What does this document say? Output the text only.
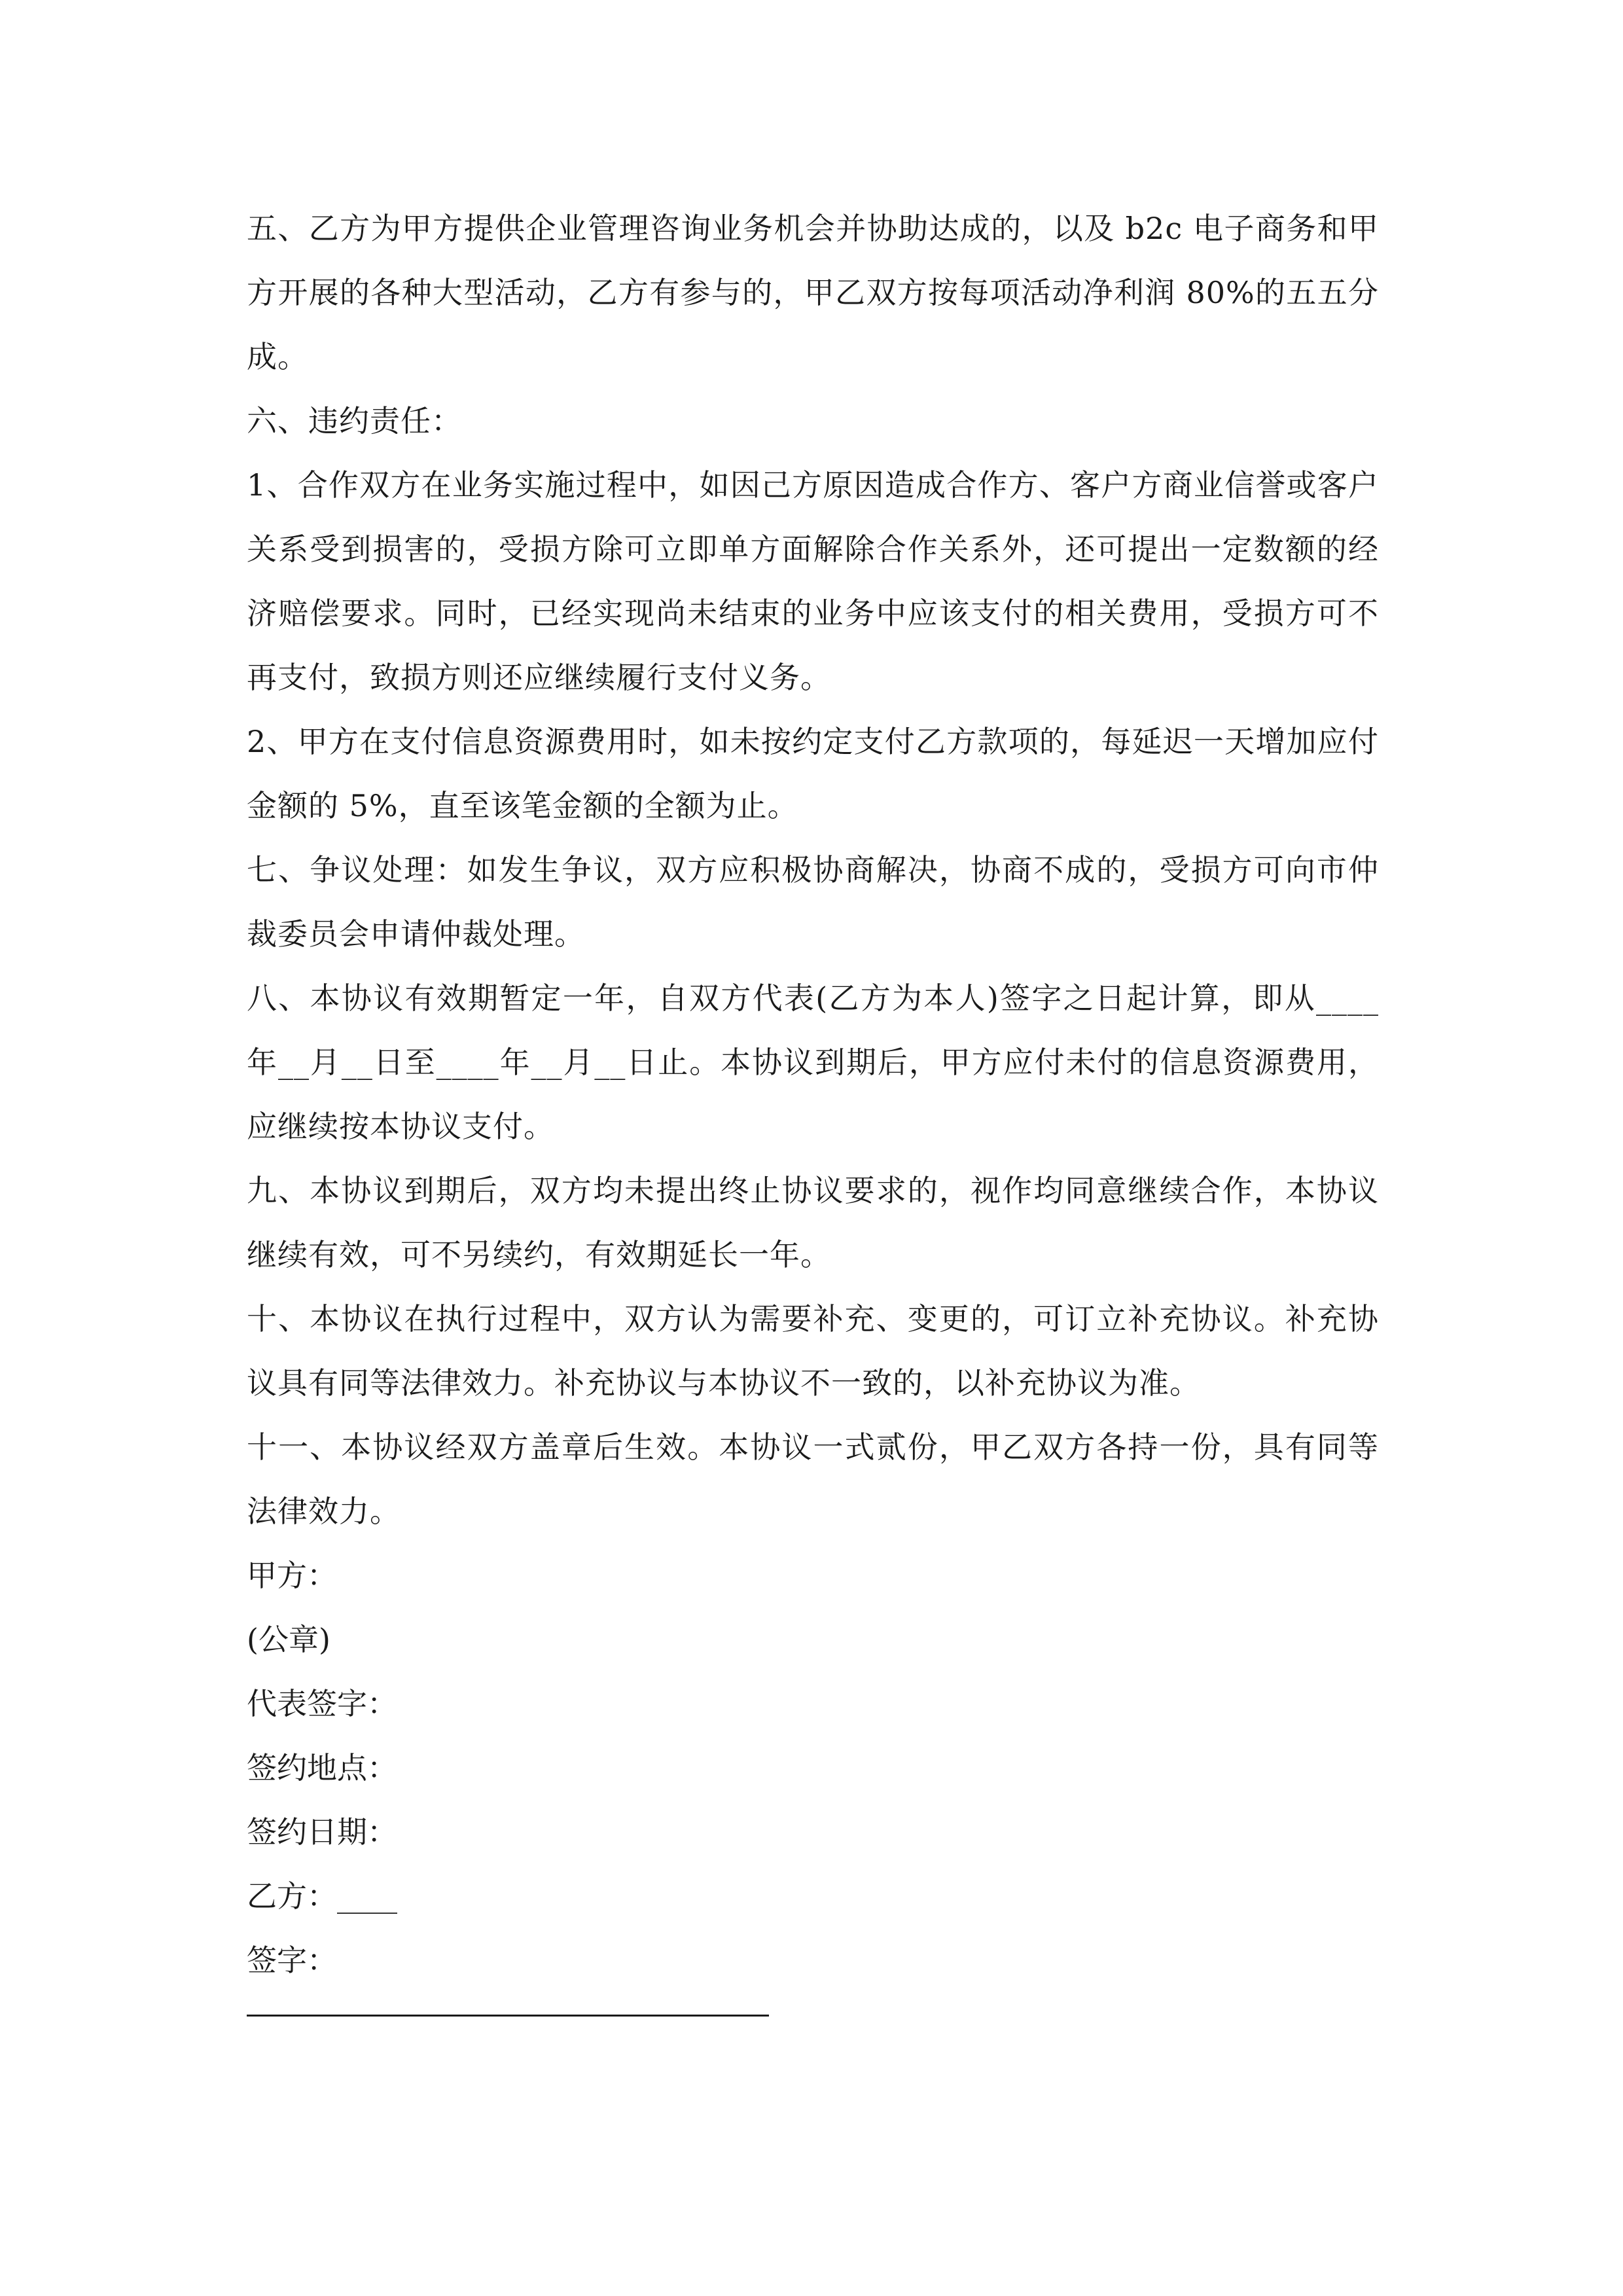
五、乙方为甲方提供企业管理咨询业务机会并协助达成的，以及 b2c 电子商务和甲方开展的各种大型活动，乙方有参与的，甲乙双方按每项活动净利润 80%的五五分成。

六、违约责任：

1、合作双方在业务实施过程中，如因己方原因造成合作方、客户方商业信誉或客户关系受到损害的，受损方除可立即单方面解除合作关系外，还可提出一定数额的经济赔偿要求。同时，已经实现尚未结束的业务中应该支付的相关费用，受损方可不再支付，致损方则还应继续履行支付义务。

2、甲方在支付信息资源费用时，如未按约定支付乙方款项的，每延迟一天增加应付金额的 5%，直至该笔金额的全额为止。

七、争议处理：如发生争议，双方应积极协商解决，协商不成的，受损方可向市仲裁委员会申请仲裁处理。

八、本协议有效期暂定一年，自双方代表(乙方为本人)签字之日起计算，即从____年__月__日至____年__月__日止。本协议到期后，甲方应付未付的信息资源费用，应继续按本协议支付。

九、本协议到期后，双方均未提出终止协议要求的，视作均同意继续合作，本协议继续有效，可不另续约，有效期延长一年。

十、本协议在执行过程中，双方认为需要补充、变更的，可订立补充协议。补充协议具有同等法律效力。补充协议与本协议不一致的，以补充协议为准。

十一、本协议经双方盖章后生效。本协议一式贰份，甲乙双方各持一份，具有同等法律效力。

甲方：

(公章)

代表签字：

签约地点：

签约日期：

乙方：____

签字：
